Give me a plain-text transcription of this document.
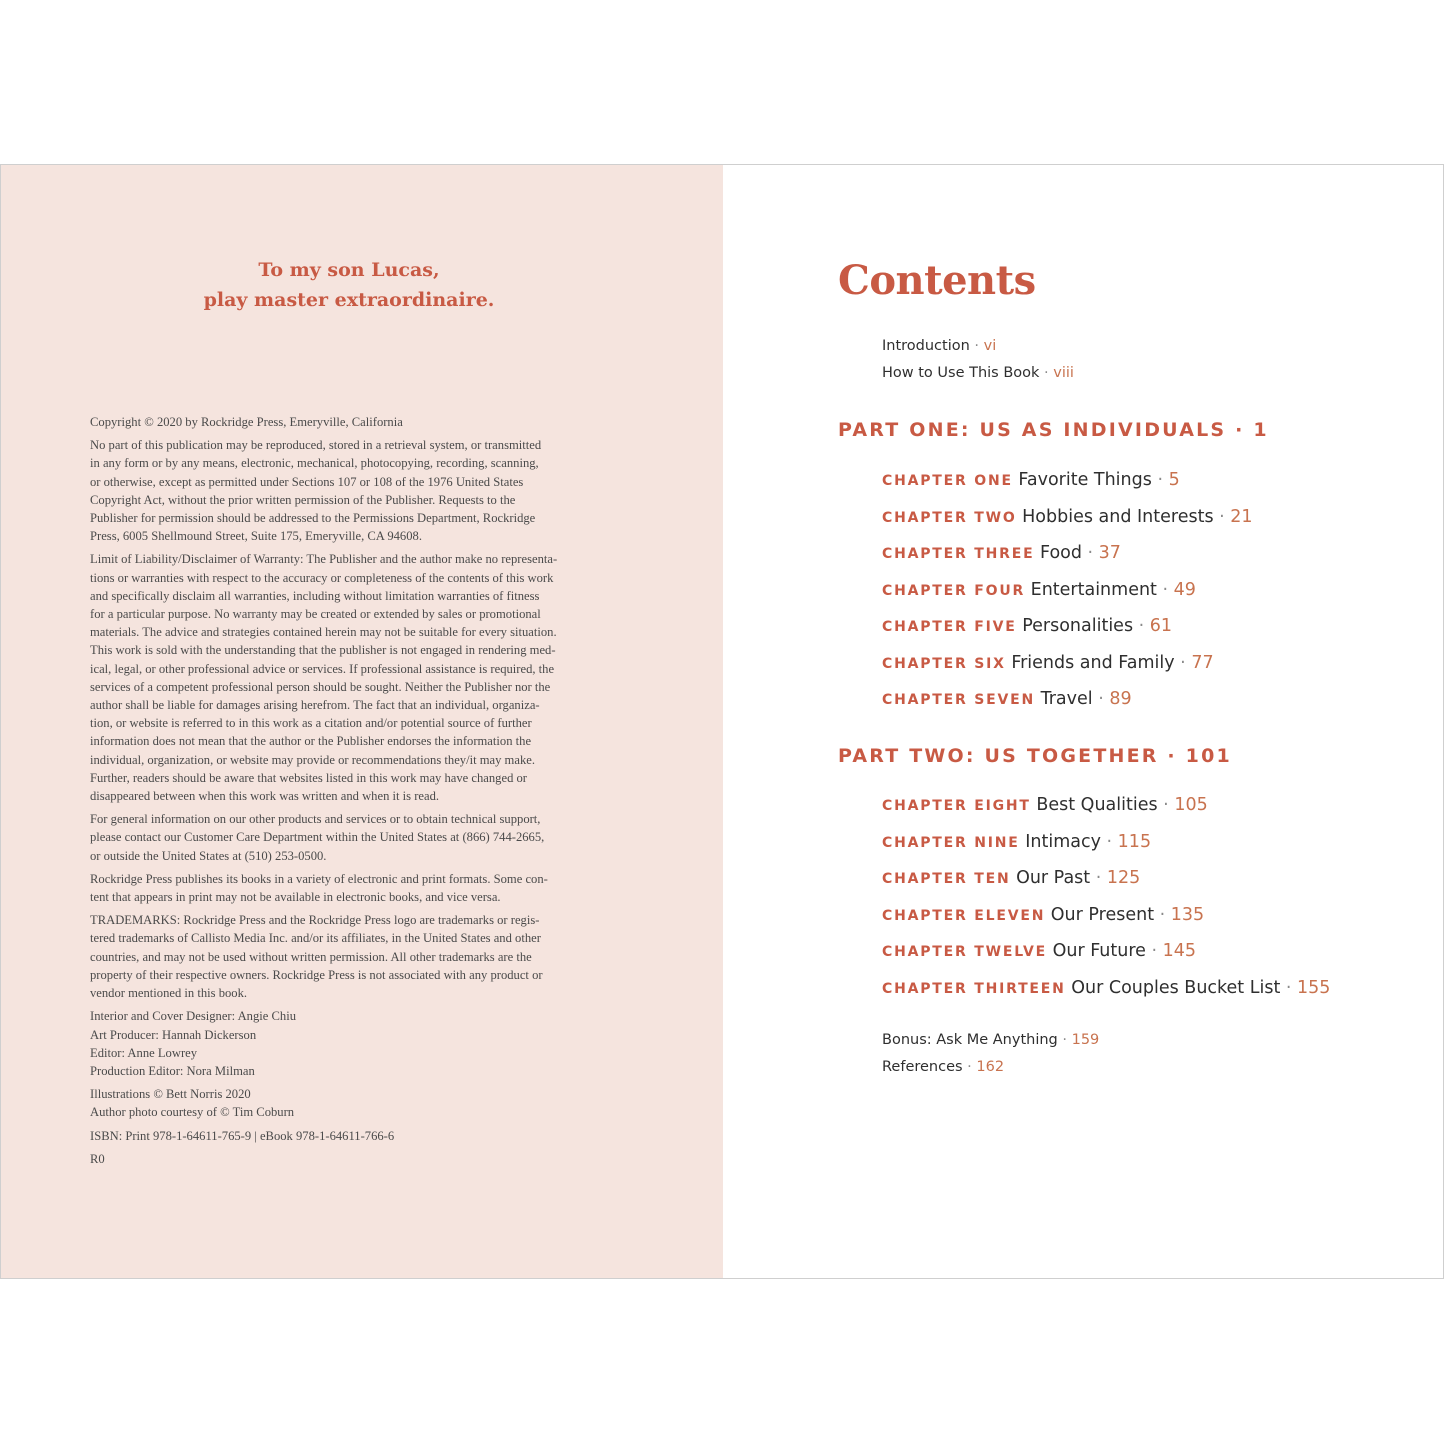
To my son Lucas,
play master extraordinaire.

Copyright © 2020 by Rockridge Press, Emeryville, California

No part of this publication may be reproduced, stored in a retrieval system, or transmitted

in any form or by any means, electronic, mechanical, photocopying, recording, scanning,

or otherwise, except as permitted under Sections 107 or 108 of the 1976 United States

Copyright Act, without the prior written permission of the Publisher. Requests to the

Publisher for permission should be addressed to the Permissions Department, Rockridge

Press, 6005 Shellmound Street, Suite 175, Emeryville, CA 94608.

Limit of Liability/Disclaimer of Warranty: The Publisher and the author make no representa-

tions or warranties with respect to the accuracy or completeness of the contents of this work

and specifically disclaim all warranties, including without limitation warranties of fitness

for a particular purpose. No warranty may be created or extended by sales or promotional

materials. The advice and strategies contained herein may not be suitable for every situation.

This work is sold with the understanding that the publisher is not engaged in rendering med-

ical, legal, or other professional advice or services. If professional assistance is required, the

services of a competent professional person should be sought. Neither the Publisher nor the

author shall be liable for damages arising herefrom. The fact that an individual, organiza-

tion, or website is referred to in this work as a citation and/or potential source of further

information does not mean that the author or the Publisher endorses the information the

individual, organization, or website may provide or recommendations they/it may make.

Further, readers should be aware that websites listed in this work may have changed or

disappeared between when this work was written and when it is read.

For general information on our other products and services or to obtain technical support,

please contact our Customer Care Department within the United States at (866) 744-2665,

or outside the United States at (510) 253-0500.

Rockridge Press publishes its books in a variety of electronic and print formats. Some con-

tent that appears in print may not be available in electronic books, and vice versa.

TRADEMARKS: Rockridge Press and the Rockridge Press logo are trademarks or regis-

tered trademarks of Callisto Media Inc. and/or its affiliates, in the United States and other

countries, and may not be used without written permission. All other trademarks are the

property of their respective owners. Rockridge Press is not associated with any product or

vendor mentioned in this book.

Interior and Cover Designer: Angie Chiu

Art Producer: Hannah Dickerson

Editor: Anne Lowrey

Production Editor: Nora Milman

Illustrations © Bett Norris 2020

Author photo courtesy of © Tim Coburn

ISBN: Print 978-1-64611-765-9 | eBook 978-1-64611-766-6

R0

Contents
Introduction · vi
How to Use This Book · viii
PART ONE: US AS INDIVIDUALS · 1
CHAPTER ONE Favorite Things · 5
CHAPTER TWO Hobbies and Interests · 21
CHAPTER THREE Food · 37
CHAPTER FOUR Entertainment · 49
CHAPTER FIVE Personalities · 61
CHAPTER SIX Friends and Family · 77
CHAPTER SEVEN Travel · 89
PART TWO: US TOGETHER · 101
CHAPTER EIGHT Best Qualities · 105
CHAPTER NINE Intimacy · 115
CHAPTER TEN Our Past · 125
CHAPTER ELEVEN Our Present · 135
CHAPTER TWELVE Our Future · 145
CHAPTER THIRTEEN Our Couples Bucket List · 155
Bonus: Ask Me Anything · 159
References · 162
